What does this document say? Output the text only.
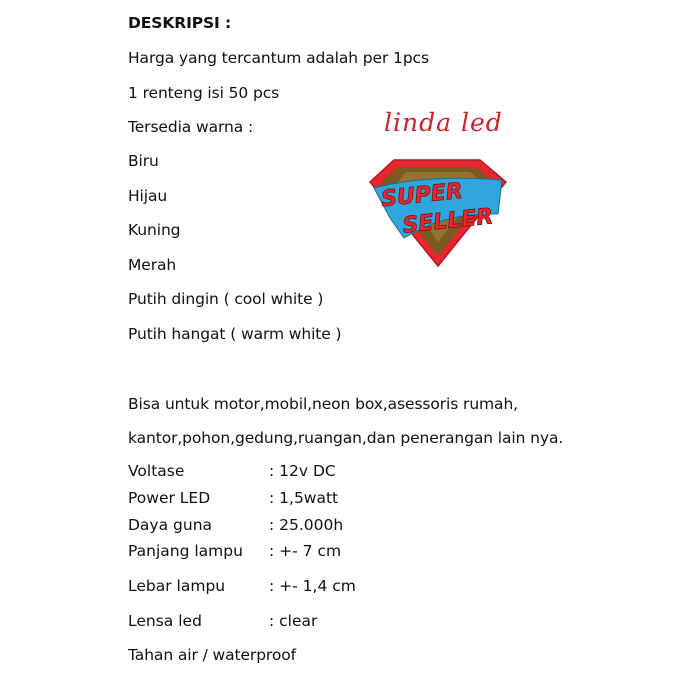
DESKRIPSI :
Harga yang tercantum adalah per 1pcs
1 renteng isi 50 pcs
Tersedia warna :
Biru
Hijau
Kuning
Merah
Putih dingin ( cool white )
Putih hangat ( warm white )
Bisa untuk motor,mobil,neon box,asessoris rumah,
kantor,pohon,gedung,ruangan,dan penerangan lain nya.
Voltase	: 12v DC
Power LED	: 1,5watt
Daya guna	: 25.000h
Panjang lampu : +- 7 cm
Lebar lampu	: +- 1,4 cm
Lensa led	: clear
Tahan air / waterproof
linda led
SUPER
SELLER
